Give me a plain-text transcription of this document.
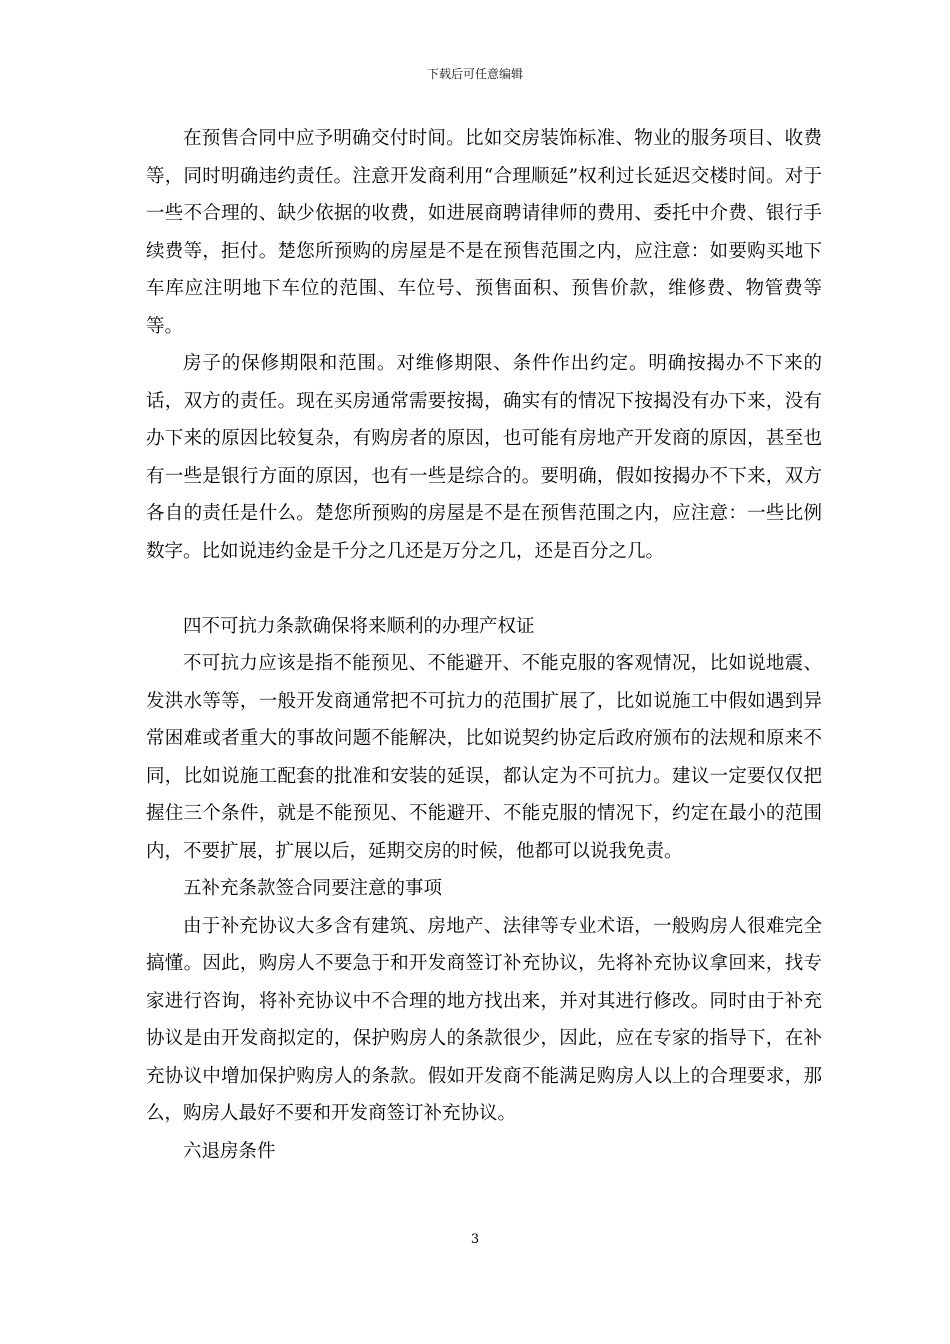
下载后可任意编辑

在预售合同中应予明确交付时间。比如交房装饰标准、物业的服务项目、收费等，同时明确违约责任。注意开发商利用“合理顺延”权利过长延迟交楼时间。对于一些不合理的、缺少依据的收费，如进展商聘请律师的费用、委托中介费、银行手续费等，拒付。楚您所预购的房屋是不是在预售范围之内，应注意：如要购买地下车库应注明地下车位的范围、车位号、预售面积、预售价款，维修费、物管费等等。

房子的保修期限和范围。对维修期限、条件作出约定。明确按揭办不下来的话，双方的责任。现在买房通常需要按揭，确实有的情况下按揭没有办下来，没有办下来的原因比较复杂，有购房者的原因，也可能有房地产开发商的原因，甚至也有一些是银行方面的原因，也有一些是综合的。要明确，假如按揭办不下来，双方各自的责任是什么。楚您所预购的房屋是不是在预售范围之内，应注意：一些比例数字。比如说违约金是千分之几还是万分之几，还是百分之几。

四不可抗力条款确保将来顺利的办理产权证

不可抗力应该是指不能预见、不能避开、不能克服的客观情况，比如说地震、发洪水等等，一般开发商通常把不可抗力的范围扩展了，比如说施工中假如遇到异常困难或者重大的事故问题不能解决，比如说契约协定后政府颁布的法规和原来不同，比如说施工配套的批准和安装的延误，都认定为不可抗力。建议一定要仅仅把握住三个条件，就是不能预见、不能避开、不能克服的情况下，约定在最小的范围内，不要扩展，扩展以后，延期交房的时候，他都可以说我免责。

五补充条款签合同要注意的事项

由于补充协议大多含有建筑、房地产、法律等专业术语，一般购房人很难完全搞懂。因此，购房人不要急于和开发商签订补充协议，先将补充协议拿回来，找专家进行咨询，将补充协议中不合理的地方找出来，并对其进行修改。同时由于补充协议是由开发商拟定的，保护购房人的条款很少，因此，应在专家的指导下，在补充协议中增加保护购房人的条款。假如开发商不能满足购房人以上的合理要求，那么，购房人最好不要和开发商签订补充协议。

六退房条件

3
